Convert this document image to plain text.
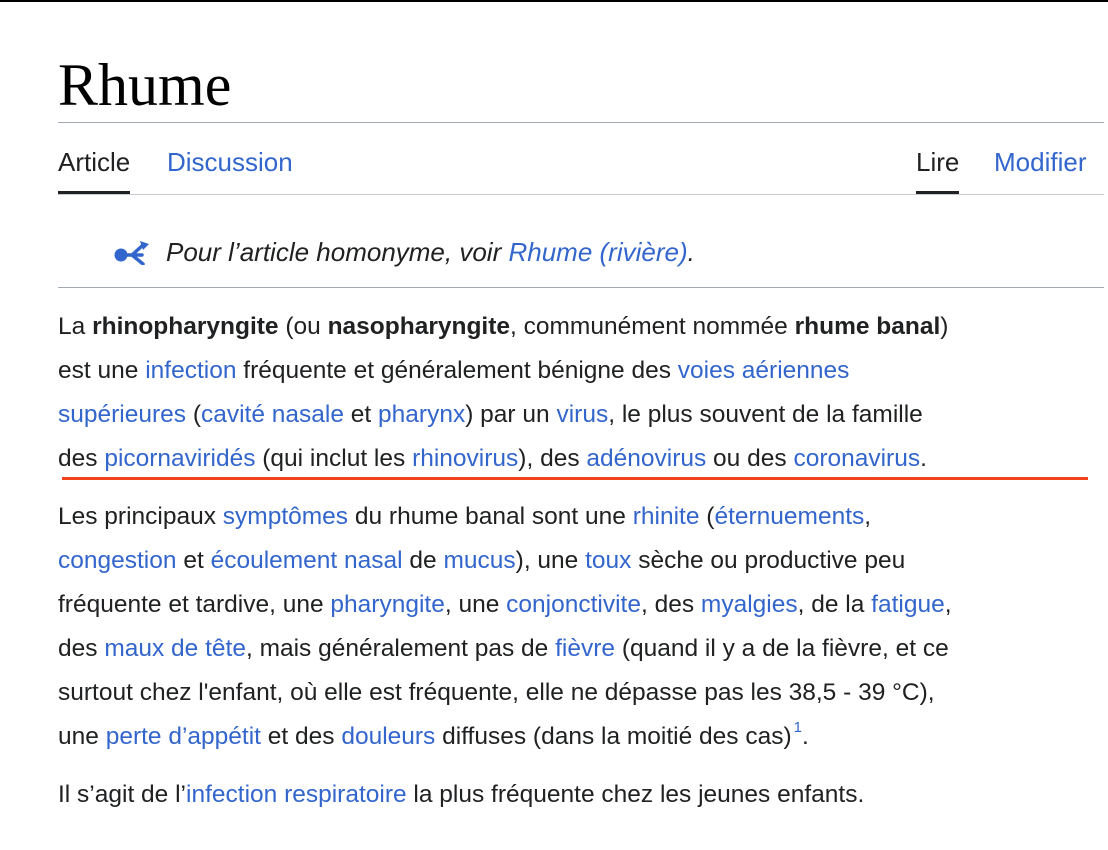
Rhume
Article Discussion	Lire Modifier
Pour l’article homonyme, voir Rhume (rivière).

La rhinopharyngite (ou nasopharyngite, communément nommée rhume banal)
est une infection fréquente et généralement bénigne des voies aériennes
supérieures (cavité nasale et pharynx) par un virus, le plus souvent de la famille
des picornaviridés (qui inclut les rhinovirus), des adénovirus ou des coronavirus.

Les principaux symptômes du rhume banal sont une rhinite (éternuements,
congestion et écoulement nasal de mucus), une toux sèche ou productive peu
fréquente et tardive, une pharyngite, une conjonctivite, des myalgies, de la fatigue,
des maux de tête, mais généralement pas de fièvre (quand il y a de la fièvre, et ce
surtout chez l'enfant, où elle est fréquente, elle ne dépasse pas les 38,5 - 39 °C),
une perte d’appétit et des douleurs diffuses (dans la moitié des cas) $^1$.

Il s’agit de l’infection respiratoire la plus fréquente chez les jeunes enfants.
